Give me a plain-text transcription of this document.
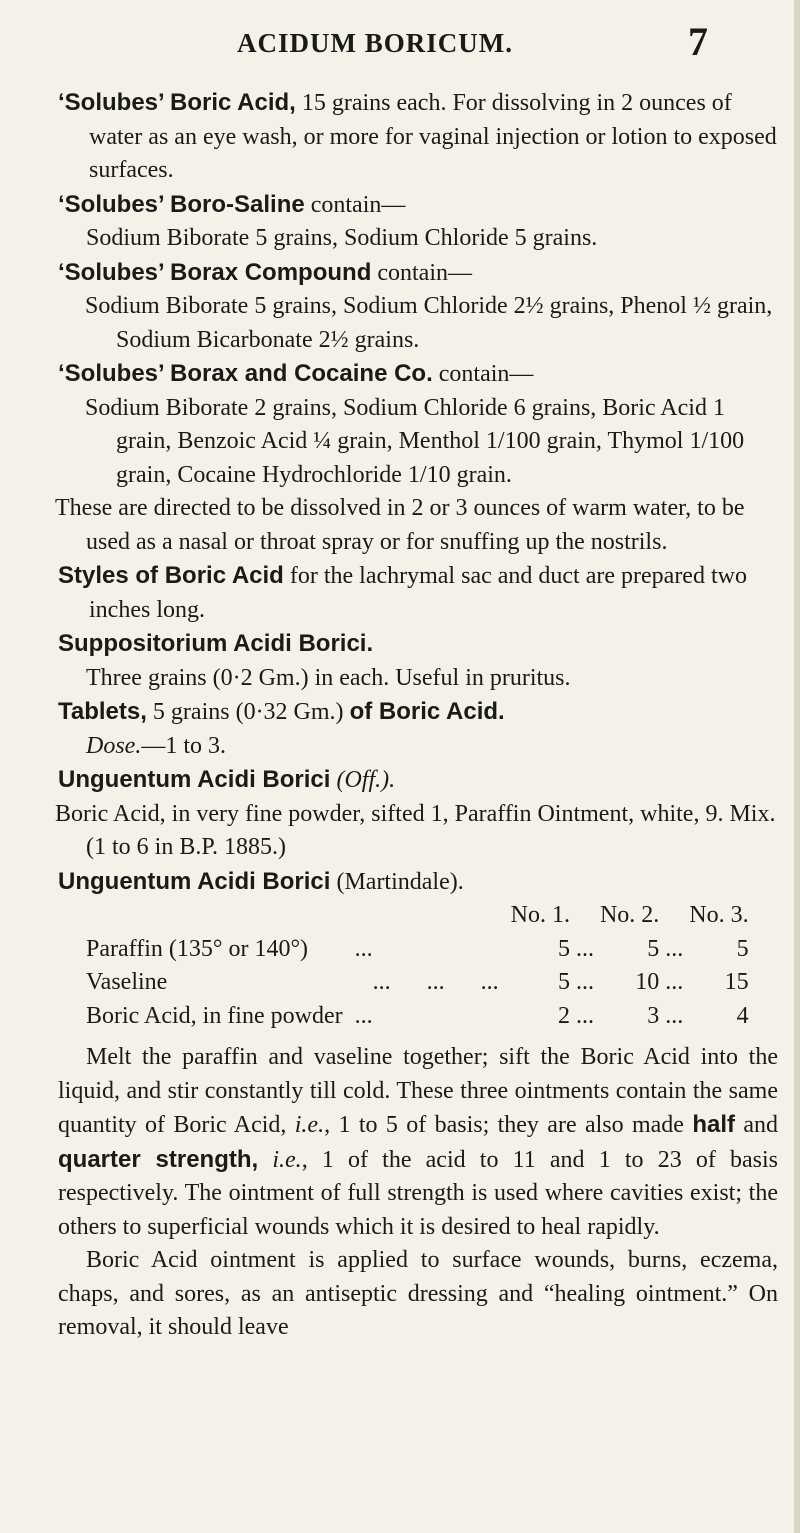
ACIDUM BORICUM.	7

‘Solubes’ Boric Acid, 15 grains each. For dissolving in 2 ounces of water as an eye wash, or more for vaginal injection or lotion to exposed surfaces.

‘Solubes’ Boro-Saline contain—

Sodium Biborate 5 grains, Sodium Chloride 5 grains.

‘Solubes’ Borax Compound contain—

Sodium Biborate 5 grains, Sodium Chloride 2½ grains, Phenol ½ grain, Sodium Bicarbonate 2½ grains.

‘Solubes’ Borax and Cocaine Co. contain—

Sodium Biborate 2 grains, Sodium Chloride 6 grains, Boric Acid 1 grain, Benzoic Acid ¼ grain, Menthol 1/100 grain, Thymol 1/100 grain, Cocaine Hydrochloride 1/10 grain.

These are directed to be dissolved in 2 or 3 ounces of warm water, to be used as a nasal or throat spray or for snuffing up the nostrils.

Styles of Boric Acid for the lachrymal sac and duct are prepared two inches long.

Suppositorium Acidi Borici.

Three grains (0·2 Gm.) in each. Useful in pruritus.

Tablets, 5 grains (0·32 Gm.) of Boric Acid.

Dose.—1 to 3.

Unguentum Acidi Borici (Off.).

Boric Acid, in very fine powder, sifted 1, Paraffin Ointment, white, 9. Mix. (1 to 6 in B.P. 1885.)

Unguentum Acidi Borici (Martindale).

		No. 1.		No. 2.		No. 3.
Paraffin (135° or 140°)	...	5	...	5	...	5
Vaseline	...      ...      ...	5	...	10	...	15
Boric Acid, in fine powder	...	2	...	3	...	4

Melt the paraffin and vaseline together; sift the Boric Acid into the liquid, and stir constantly till cold. These three ointments contain the same quantity of Boric Acid, i.e., 1 to 5 of basis; they are also made half and quarter strength, i.e., 1 of the acid to 11 and 1 to 23 of basis respectively. The ointment of full strength is used where cavities exist; the others to superficial wounds which it is desired to heal rapidly.

Boric Acid ointment is applied to surface wounds, burns, eczema, chaps, and sores, as an antiseptic dressing and “healing ointment.” On removal, it should leave
